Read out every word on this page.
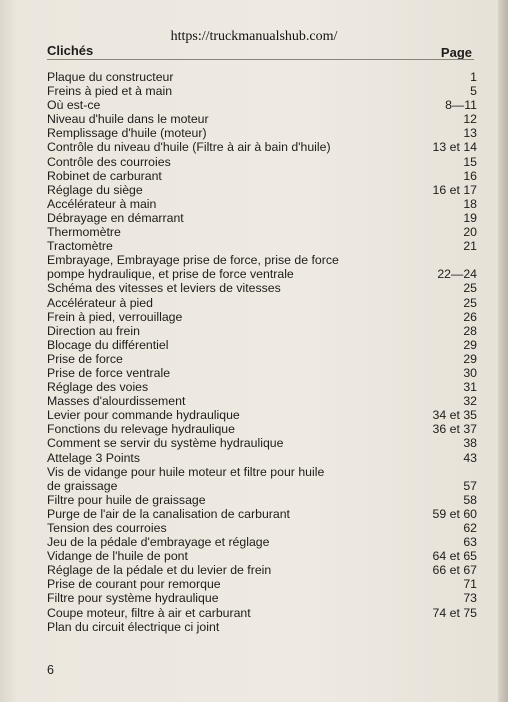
https://truckmanualshub.com/
Clichés	Page
Plaque du constructeur	1
Freins à pied et à main	5
Où est-ce	8—11
Niveau d'huile dans le moteur	12
Remplissage d'huile (moteur)	13
Contrôle du niveau d'huile (Filtre à air à bain d'huile)	13 et 14
Contrôle des courroies	15
Robinet de carburant	16
Réglage du siège	16 et 17
Accélérateur à main	18
Débrayage en démarrant	19
Thermomètre	20
Tractomètre	21
Embrayage, Embrayage prise de force, prise de force
pompe hydraulique, et prise de force ventrale	22—24
Schéma des vitesses et leviers de vitesses	25
Accélérateur à pied	25
Frein à pied, verrouillage	26
Direction au frein	28
Blocage du différentiel	29
Prise de force	29
Prise de force ventrale	30
Réglage des voies	31
Masses d'alourdissement	32
Levier pour commande hydraulique	34 et 35
Fonctions du relevage hydraulique	36 et 37
Comment se servir du système hydraulique	38
Attelage 3 Points	43
Vis de vidange pour huile moteur et filtre pour huile
de graissage	57
Filtre pour huile de graissage	58
Purge de l'air de la canalisation de carburant	59 et 60
Tension des courroies	62
Jeu de la pédale d'embrayage et réglage	63
Vidange de l'huile de pont	64 et 65
Réglage de la pédale et du levier de frein	66 et 67
Prise de courant pour remorque	71
Filtre pour système hydraulique	73
Coupe moteur, filtre à air et carburant	74 et 75
Plan du circuit électrique ci joint
6
